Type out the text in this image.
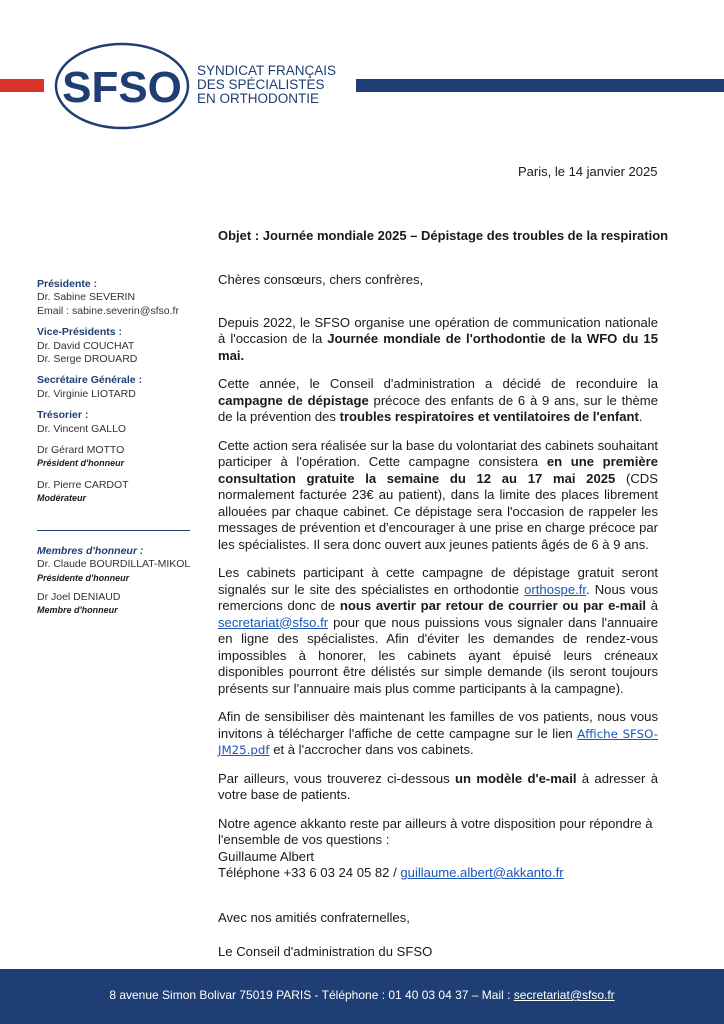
SFSO SYNDICAT FRANÇAIS
DES SPÉCIALISTES
EN ORTHODONTIE
Paris, le 14 janvier 2025
Objet : Journée mondiale 2025 – Dépistage des troubles de la respiration
Présidente :
Dr. Sabine SEVERIN
Email : sabine.severin@sfso.fr
Vice-Présidents :
Dr. David COUCHAT
Dr. Serge DROUARD
Secrétaire Générale :
Dr. Virginie LIOTARD
Trésorier :
Dr. Vincent GALLO
Dr Gérard MOTTO
Président d'honneur
Dr. Pierre CARDOT
Modérateur
Membres d'honneur :
Dr. Claude BOURDILLAT-MIKOL
Présidente d'honneur
Dr Joel DENIAUD
Membre d'honneur

Chères consœurs, chers confrères,

Depuis 2022, le SFSO organise une opération de communication nationale à l'occasion de la Journée mondiale de l'orthodontie de la WFO du 15 mai.

Cette année, le Conseil d'administration a décidé de reconduire la campagne de dépistage précoce des enfants de 6 à 9 ans, sur le thème de la prévention des troubles respiratoires et ventilatoires de l'enfant.

Cette action sera réalisée sur la base du volontariat des cabinets souhaitant participer à l'opération. Cette campagne consistera en une première consultation gratuite la semaine du 12 au 17 mai 2025 (CDS normalement facturée 23€ au patient), dans la limite des places librement allouées par chaque cabinet. Ce dépistage sera l'occasion de rappeler les messages de prévention et d'encourager à une prise en charge précoce par les spécialistes. Il sera donc ouvert aux jeunes patients âgés de 6 à 9 ans.

Les cabinets participant à cette campagne de dépistage gratuit seront signalés sur le site des spécialistes en orthodontie orthospe.fr. Nous vous remercions donc de nous avertir par retour de courrier ou par e-mail à secretariat@sfso.fr pour que nous puissions vous signaler dans l'annuaire en ligne des spécialistes. Afin d'éviter les demandes de rendez-vous impossibles à honorer, les cabinets ayant épuisé leurs créneaux disponibles pourront être délistés sur simple demande (ils seront toujours présents sur l'annuaire mais plus comme participants à la campagne).

Afin de sensibiliser dès maintenant les familles de vos patients, nous vous invitons à télécharger l'affiche de cette campagne sur le lien Affiche SFSO-JM25.pdf et à l'accrocher dans vos cabinets.

Par ailleurs, vous trouverez ci-dessous un modèle d'e-mail à adresser à votre base de patients.

Notre agence akkanto reste par ailleurs à votre disposition pour répondre à l'ensemble de vos questions :

Guillaume Albert

Téléphone +33 6 03 24 05 82 / guillaume.albert@akkanto.fr

Avec nos amitiés confraternelles,

Le Conseil d'administration du SFSO

8 avenue Simon Bolivar 75019 PARIS - Téléphone : 01 40 03 04 37 – Mail : secretariat@sfso.fr
